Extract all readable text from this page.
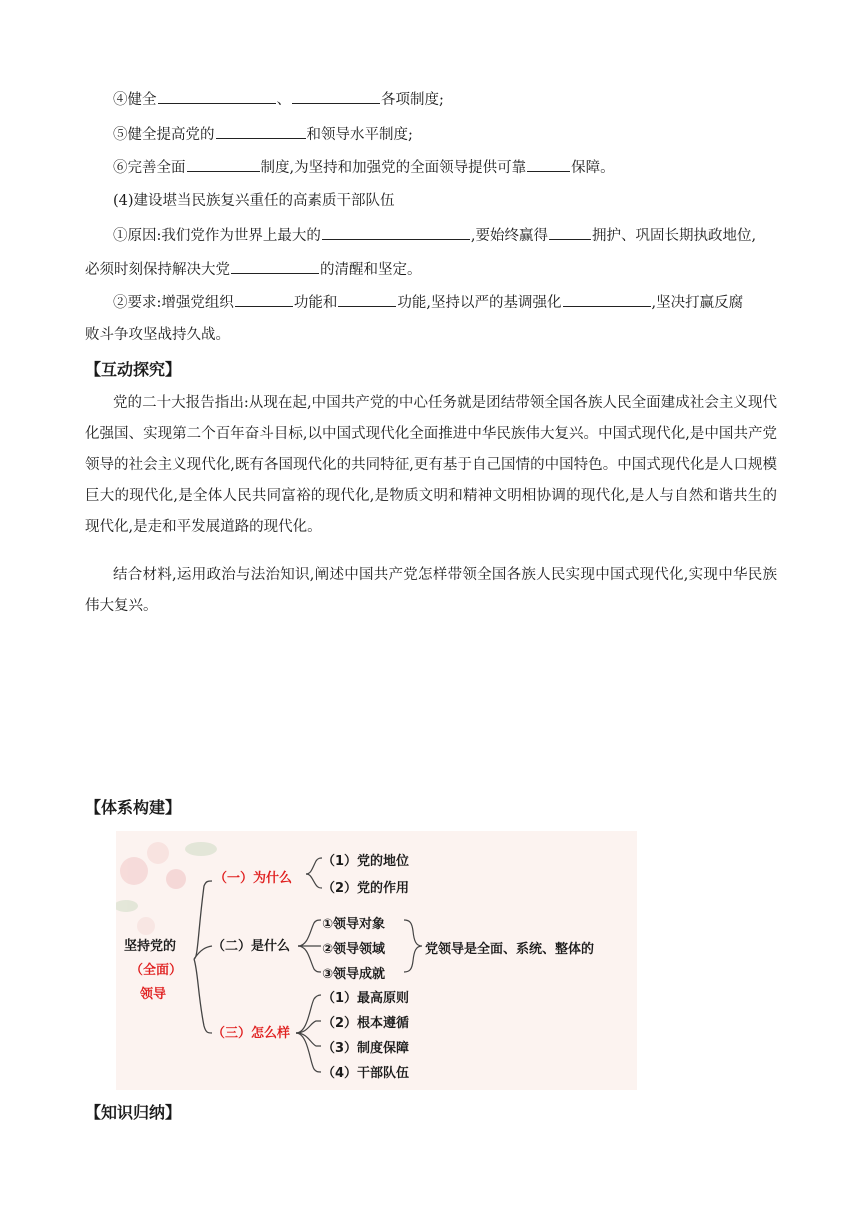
④健全	、	各项制度;
⑤健全提高党的	和领导水平制度;
⑥完善全面	制度,为坚持和加强党的全面领导提供可靠	保障。
(4)建设堪当民族复兴重任的高素质干部队伍
①原因:我们党作为世界上最大的	,要始终赢得	拥护、巩固长期执政地位,
必须时刻保持解决大党	的清醒和坚定。
②要求:增强党组织	功能和	功能,坚持以严的基调强化	,坚决打赢反腐
败斗争攻坚战持久战。
【互动探究】
党的二十大报告指出:从现在起,中国共产党的中心任务就是团结带领全国各族人民全面建成社会主义现代化强国、实现第二个百年奋斗目标,以中国式现代化全面推进中华民族伟大复兴。中国式现代化,是中国共产党领导的社会主义现代化,既有各国现代化的共同特征,更有基于自己国情的中国特色。中国式现代化是人口规模巨大的现代化,是全体人民共同富裕的现代化,是物质文明和精神文明相协调的现代化,是人与自然和谐共生的现代化,是走和平发展道路的现代化。
结合材料,运用政治与法治知识,阐述中国共产党怎样带领全国各族人民实现中国式现代化,实现中华民族伟大复兴。
【体系构建】
坚持党的
（全面）
领导
（一）为什么
（1）党的地位
（2）党的作用
（二）是什么
①领导对象
②领导领域
③领导成就
党领导是全面、系统、整体的
（三）怎么样
（1）最高原则
（2）根本遵循
（3）制度保障
（4）干部队伍
【知识归纳】
